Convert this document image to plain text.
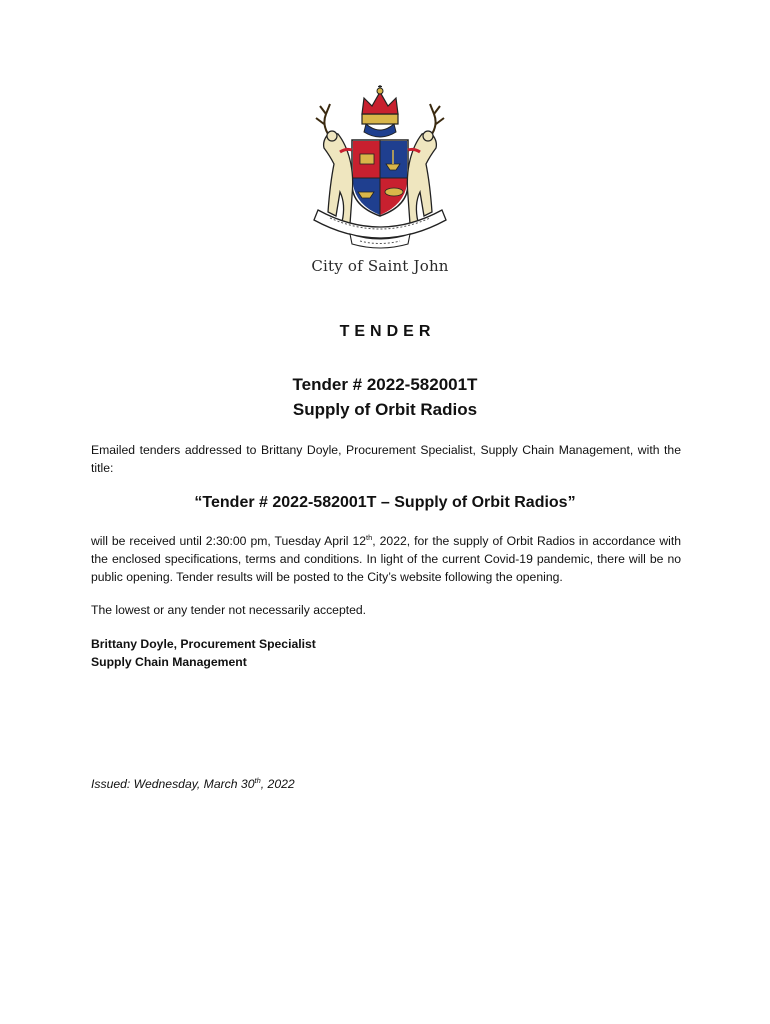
City of Saint John
TENDER
Tender # 2022-582001T
Supply of Orbit Radios
Emailed tenders addressed to Brittany Doyle, Procurement Specialist, Supply Chain Management, with the title:
“Tender # 2022-582001T – Supply of Orbit Radios”
will be received until 2:30:00 pm, Tuesday April 12th, 2022, for the supply of Orbit Radios in accordance with the enclosed specifications, terms and conditions. In light of the current Covid-19 pandemic, there will be no public opening. Tender results will be posted to the City’s website following the opening.
The lowest or any tender not necessarily accepted.
Brittany Doyle, Procurement Specialist
Supply Chain Management
Issued: Wednesday, March 30th, 2022
